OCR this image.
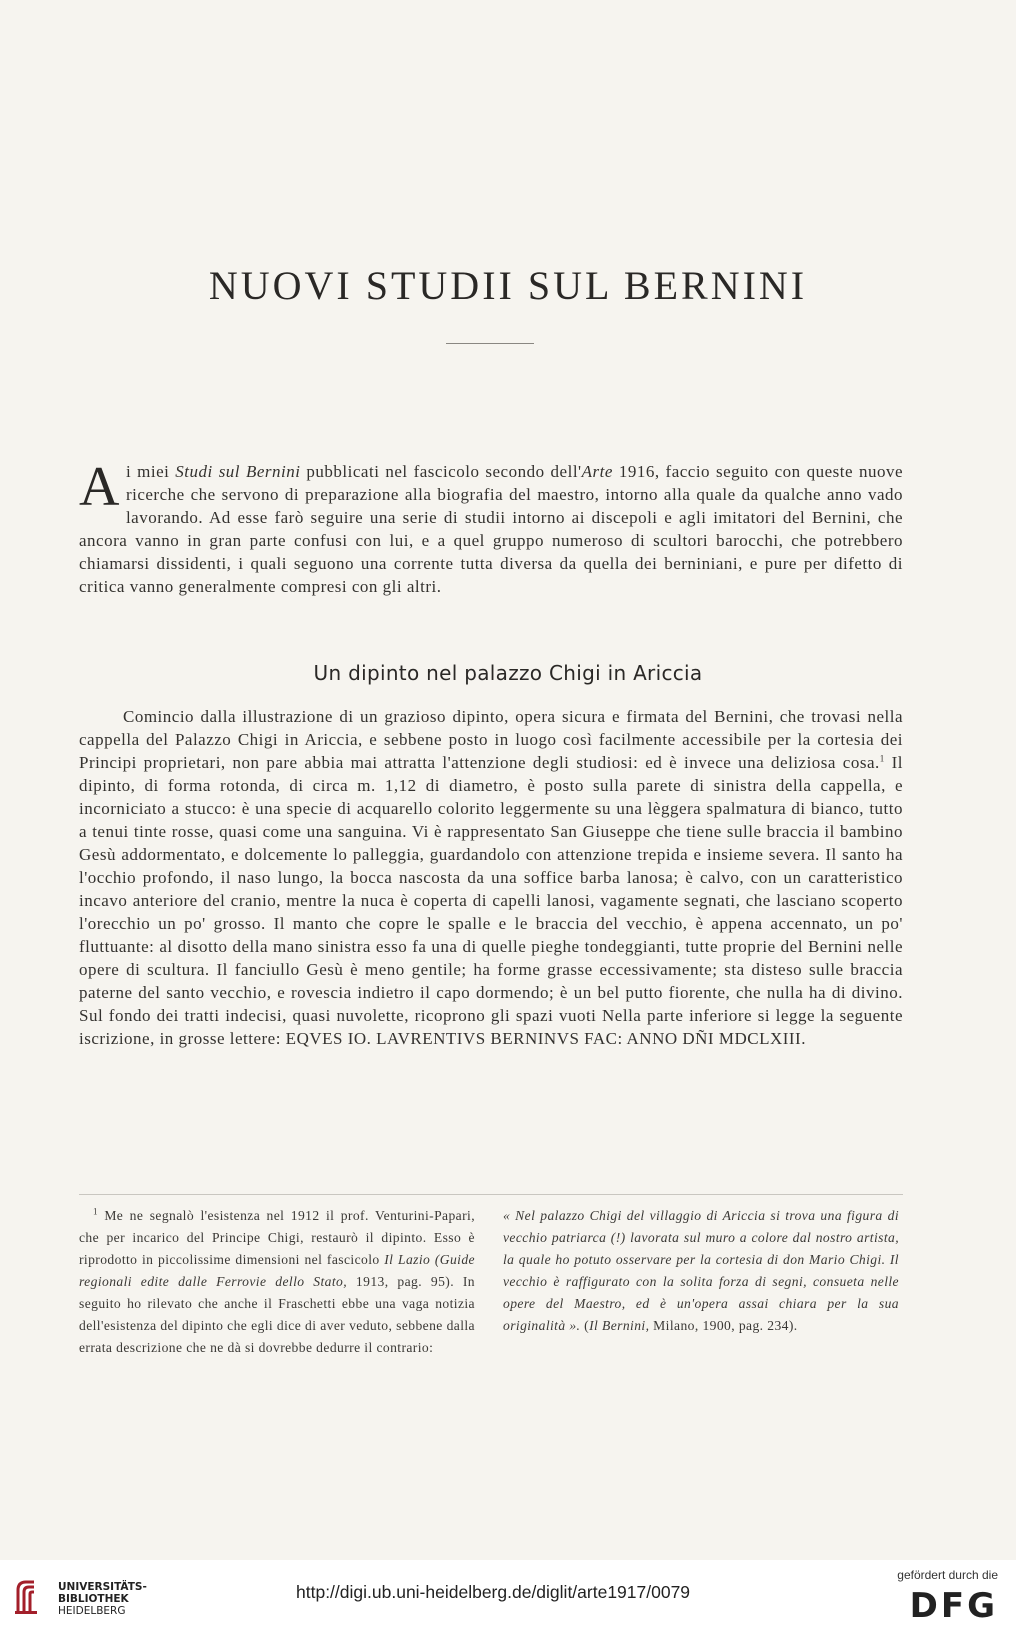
NUOVI STUDII SUL BERNINI
Ai miei Studi sul Bernini pubblicati nel fascicolo secondo dell'Arte 1916, faccio seguito con queste nuove ricerche che servono di preparazione alla biografia del maestro, intorno alla quale da qualche anno vado lavorando. Ad esse farò seguire una serie di studii intorno ai discepoli e agli imitatori del Bernini, che ancora vanno in gran parte confusi con lui, e a quel gruppo numeroso di scultori barocchi, che potrebbero chiamarsi dissidenti, i quali seguono una corrente tutta diversa da quella dei berniniani, e pure per difetto di critica vanno generalmente compresi con gli altri.
Un dipinto nel palazzo Chigi in Ariccia
Comincio dalla illustrazione di un grazioso dipinto, opera sicura e firmata del Bernini, che trovasi nella cappella del Palazzo Chigi in Ariccia, e sebbene posto in luogo così facilmente accessibile per la cortesia dei Principi proprietari, non pare abbia mai attratta l'attenzione degli studiosi: ed è invece una deliziosa cosa.$^1$ Il dipinto, di forma rotonda, di circa m. 1,12 di diametro, è posto sulla parete di sinistra della cappella, e incorniciato a stucco: è una specie di acquarello colorito leggermente su una lèggera spalmatura di bianco, tutto a tenui tinte rosse, quasi come una sanguina. Vi è rappresentato San Giuseppe che tiene sulle braccia il bambino Gesù addormentato, e dolcemente lo palleggia, guardandolo con attenzione trepida e insieme severa. Il santo ha l'occhio profondo, il naso lungo, la bocca nascosta da una soffice barba lanosa; è calvo, con un caratteristico incavo anteriore del cranio, mentre la nuca è coperta di capelli lanosi, vagamente segnati, che lasciano scoperto l'orecchio un po' grosso. Il manto che copre le spalle e le braccia del vecchio, è appena accennato, un po' fluttuante: al disotto della mano sinistra esso fa una di quelle pieghe tondeggianti, tutte proprie del Bernini nelle opere di scultura. Il fanciullo Gesù è meno gentile; ha forme grasse eccessivamente; sta disteso sulle braccia paterne del santo vecchio, e rovescia indietro il capo dormendo; è un bel putto fiorente, che nulla ha di divino. Sul fondo dei tratti indecisi, quasi nuvolette, ricoprono gli spazi vuoti Nella parte inferiore si legge la seguente iscrizione, in grosse lettere: EQVES IO. LAVRENTIVS BERNINVS FAC: ANNO DÑI MDCLXIII.
$^1$ Me ne segnalò l'esistenza nel 1912 il prof. Venturini-Papari, che per incarico del Principe Chigi, restaurò il dipinto. Esso è riprodotto in piccolissime dimensioni nel fascicolo Il Lazio (Guide regionali edite dalle Ferrovie dello Stato, 1913, pag. 95). In seguito ho rilevato che anche il Fraschetti ebbe una vaga notizia dell'esistenza del dipinto che egli dice di aver veduto, sebbene dalla errata descrizione che ne dà si dovrebbe dedurre il contrario:
« Nel palazzo Chigi del villaggio di Ariccia si trova una figura di vecchio patriarca (!) lavorata sul muro a colore dal nostro artista, la quale ho potuto osservare per la cortesia di don Mario Chigi. Il vecchio è raffigurato con la solita forza di segni, consueta nelle opere del Maestro, ed è un'opera assai chiara per la sua originalità ». (Il Bernini, Milano, 1900, pag. 234).
UNIVERSITÄTS-
BIBLIOTHEK
HEIDELBERG
http://digi.ub.uni-heidelberg.de/diglit/arte1917/0079
gefördert durch die
DFG
